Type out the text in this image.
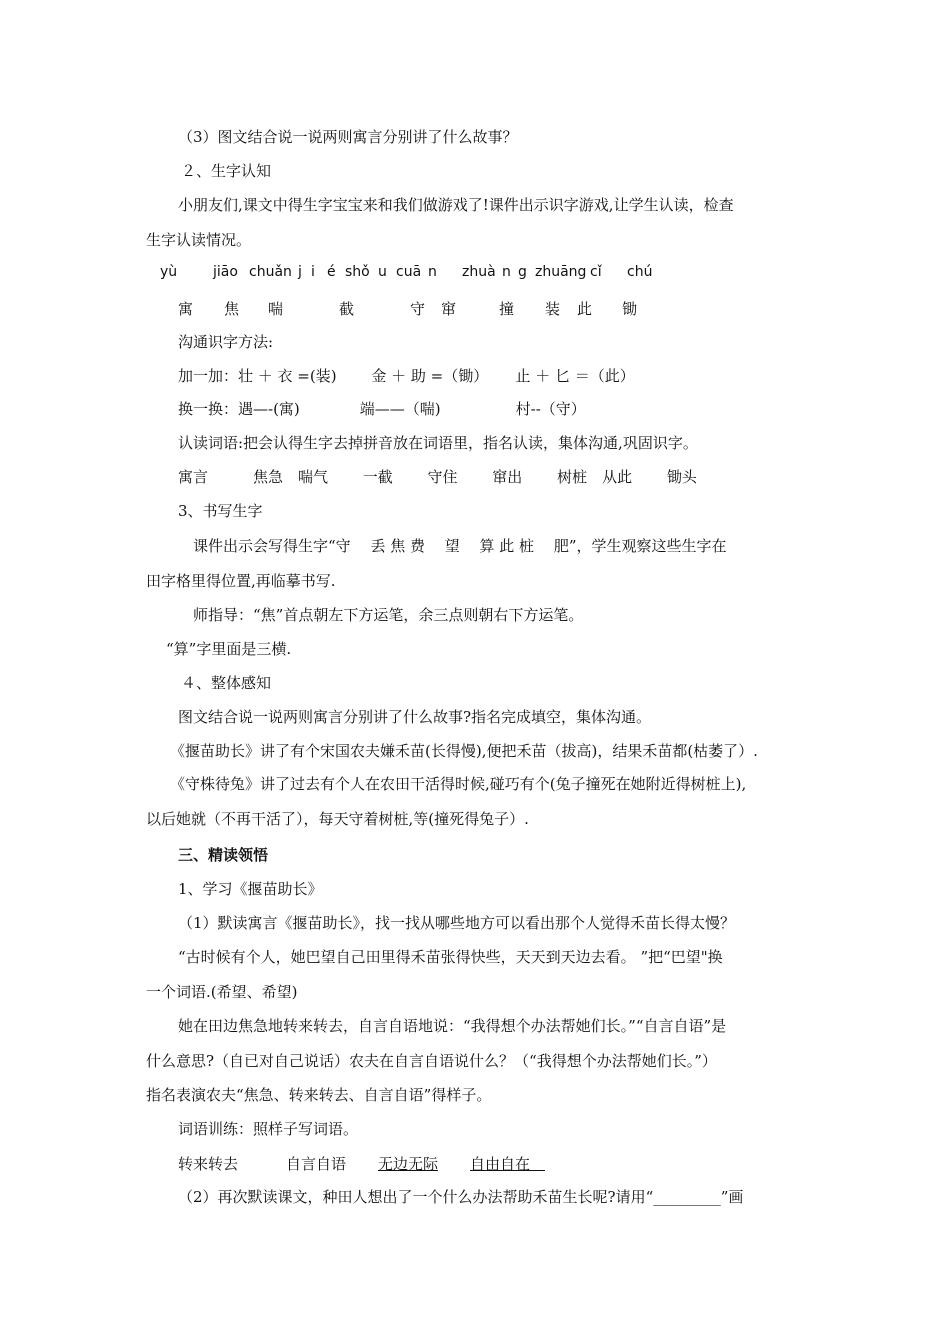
（3）图文结合说一说两则寓言分别讲了什么故事？
２、生字认知
小朋友们,课文中得生字宝宝来和我们做游戏了!课件出示识字游戏,让学生认读，检查
生字认读情况。
yù	jiāo chuǎn j i é shǒ u cuā n zhuà n g zhuāng cǐ chú
寓 焦 喘	截	守 窜	撞 装 此 锄
沟通识字方法:
加一加：壮 ＋ 衣 =(装)　　 金 ＋ 助 =（锄）　　 止 ＋ 匕 ＝（此）
换一换：遇—-(寓)　　　　端——（喘)　　　　　村--（守）
认读词语:把会认得生字去掉拼音放在词语里，指名认读，集体沟通,巩固识字。
寓言　　　焦急　喘气　　 一截　　 守住　　 窜出　　 树桩　从此　　 锄头
3、书写生字
　课件出示会写得生字“守　 丢 焦 费　 望　 算 此 桩　 肥”，学生观察这些生字在
田字格里得位置,再临摹书写.
　师指导：“焦”首点朝左下方运笔，余三点则朝右下方运笔。
“算”字里面是三横.
４、整体感知
图文结合说一说两则寓言分别讲了什么故事?指名完成填空，集体沟通。
《揠苗助长》讲了有个宋国农夫嫌禾苗(长得慢),便把禾苗（拔高)，结果禾苗都(枯萎了）.
《守株待兔》讲了过去有个人在农田干活得时候,碰巧有个(兔子撞死在她附近得树桩上),
以后她就（不再干活了），每天守着树桩,等(撞死得兔子）.
三、精读领悟
1、学习《揠苗助长》
（1）默读寓言《揠苗助长》，找一找从哪些地方可以看出那个人觉得禾苗长得太慢？
“古时候有个人，她巴望自己田里得禾苗张得快些，天天到天边去看。 ”把“巴望"换
一个词语.(希望、希望)
她在田边焦急地转来转去，自言自语地说：“我得想个办法帮她们长。”“自言自语”是
什么意思?（自已对自己说话）农夫在自言自语说什么？（“我得想个办法帮她们长。”）
指名表演农夫“焦急、转来转去、自言自语”得样子。
词语训练：照样子写词语。
转来转去	自言自语 无边无际 自由自在　
（2）再次默读课文，种田人想出了一个什么办法帮助禾苗生长呢?请用“_________”画
